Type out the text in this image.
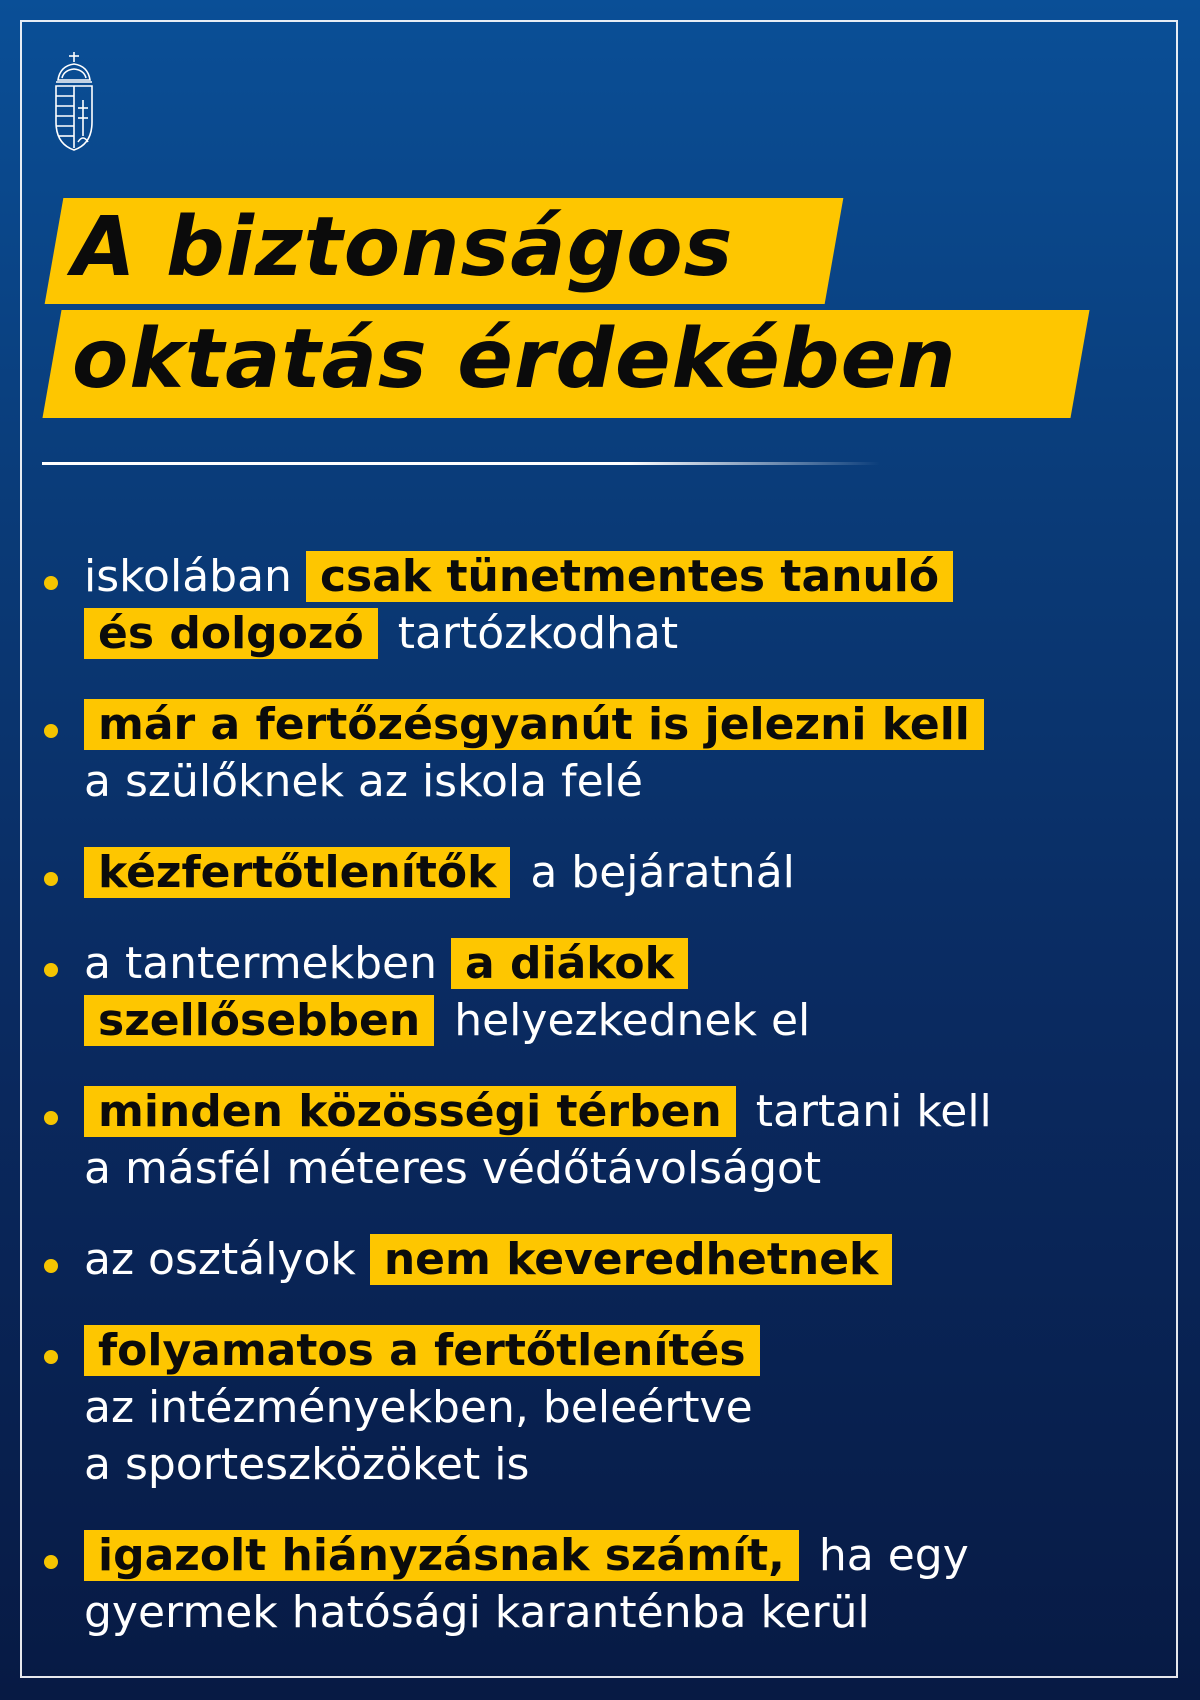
A biztonságos
oktatás érdekében
iskolában csak tünetmentes tanuló
és dolgozó tartózkodhat
már a fertőzésgyanút is jelezni kell
a szülőknek az iskola felé
kézfertőtlenítők a bejáratnál
a tantermekben a diákok
szellősebben helyezkednek el
minden közösségi térben tartani kell
a másfél méteres védőtávolságot
az osztályok nem keveredhetnek
folyamatos a fertőtlenítés
az intézményekben, beleértve
a sporteszközöket is
igazolt hiányzásnak számít, ha egy
gyermek hatósági karanténba kerül
